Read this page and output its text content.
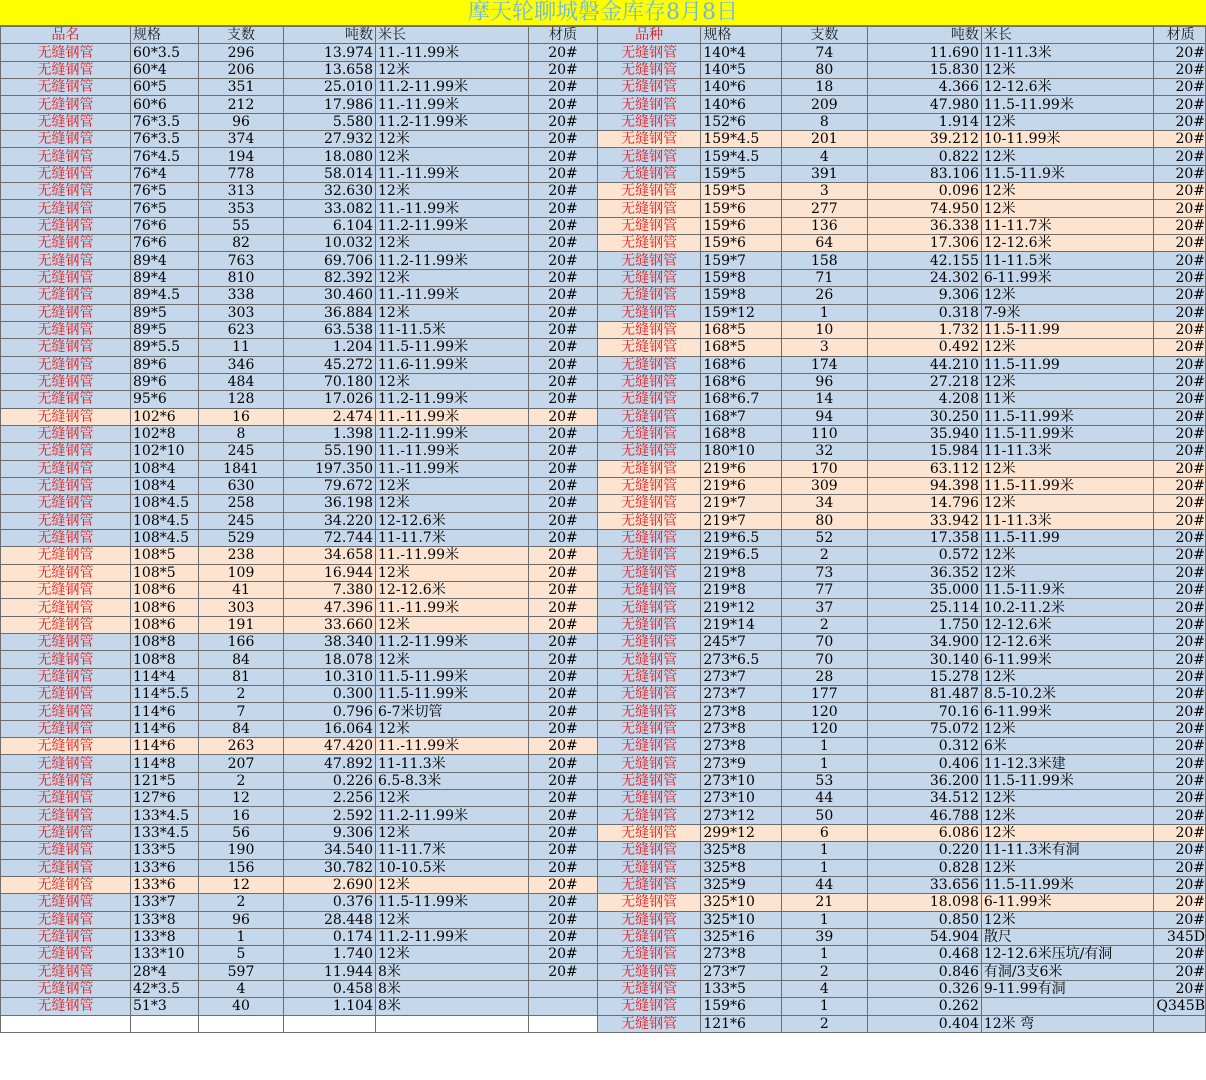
摩天轮聊城磐金库存8月8日
品名	规格	支数	吨数	米长	材质
无缝钢管	60*3.5	296	13.974	11.-11.99米	20#
无缝钢管	60*4	206	13.658	12米	20#
无缝钢管	60*5	351	25.010	11.2-11.99米	20#
无缝钢管	60*6	212	17.986	11.-11.99米	20#
无缝钢管	76*3.5	96	5.580	11.2-11.99米	20#
无缝钢管	76*3.5	374	27.932	12米	20#
无缝钢管	76*4.5	194	18.080	12米	20#
无缝钢管	76*4	778	58.014	11.-11.99米	20#
无缝钢管	76*5	313	32.630	12米	20#
无缝钢管	76*5	353	33.082	11.-11.99米	20#
无缝钢管	76*6	55	6.104	11.2-11.99米	20#
无缝钢管	76*6	82	10.032	12米	20#
无缝钢管	89*4	763	69.706	11.2-11.99米	20#
无缝钢管	89*4	810	82.392	12米	20#
无缝钢管	89*4.5	338	30.460	11.-11.99米	20#
无缝钢管	89*5	303	36.884	12米	20#
无缝钢管	89*5	623	63.538	11-11.5米	20#
无缝钢管	89*5.5	11	1.204	11.5-11.99米	20#
无缝钢管	89*6	346	45.272	11.6-11.99米	20#
无缝钢管	89*6	484	70.180	12米	20#
无缝钢管	95*6	128	17.026	11.2-11.99米	20#
无缝钢管	102*6	16	2.474	11.-11.99米	20#
无缝钢管	102*8	8	1.398	11.2-11.99米	20#
无缝钢管	102*10	245	55.190	11.-11.99米	20#
无缝钢管	108*4	1841	197.350	11.-11.99米	20#
无缝钢管	108*4	630	79.672	12米	20#
无缝钢管	108*4.5	258	36.198	12米	20#
无缝钢管	108*4.5	245	34.220	12-12.6米	20#
无缝钢管	108*4.5	529	72.744	11-11.7米	20#
无缝钢管	108*5	238	34.658	11.-11.99米	20#
无缝钢管	108*5	109	16.944	12米	20#
无缝钢管	108*6	41	7.380	12-12.6米	20#
无缝钢管	108*6	303	47.396	11.-11.99米	20#
无缝钢管	108*6	191	33.660	12米	20#
无缝钢管	108*8	166	38.340	11.2-11.99米	20#
无缝钢管	108*8	84	18.078	12米	20#
无缝钢管	114*4	81	10.310	11.5-11.99米	20#
无缝钢管	114*5.5	2	0.300	11.5-11.99米	20#
无缝钢管	114*6	7	0.796	6-7米切管	20#
无缝钢管	114*6	84	16.064	12米	20#
无缝钢管	114*6	263	47.420	11.-11.99米	20#
无缝钢管	114*8	207	47.892	11-11.3米	20#
无缝钢管	121*5	2	0.226	6.5-8.3米	20#
无缝钢管	127*6	12	2.256	12米	20#
无缝钢管	133*4.5	16	2.592	11.2-11.99米	20#
无缝钢管	133*4.5	56	9.306	12米	20#
无缝钢管	133*5	190	34.540	11-11.7米	20#
无缝钢管	133*6	156	30.782	10-10.5米	20#
无缝钢管	133*6	12	2.690	12米	20#
无缝钢管	133*7	2	0.376	11.5-11.99米	20#
无缝钢管	133*8	96	28.448	12米	20#
无缝钢管	133*8	1	0.174	11.2-11.99米	20#
无缝钢管	133*10	5	1.740	12米	20#
无缝钢管	28*4	597	11.944	8米	20#
无缝钢管	42*3.5	4	0.458	8米	
无缝钢管	51*3	40	1.104	8米	

品种	规格	支数	吨数	米长	材质
无缝钢管	140*4	74	11.690	11-11.3米	20#
无缝钢管	140*5	80	15.830	12米	20#
无缝钢管	140*6	18	4.366	12-12.6米	20#
无缝钢管	140*6	209	47.980	11.5-11.99米	20#
无缝钢管	152*6	8	1.914	12米	20#
无缝钢管	159*4.5	201	39.212	10-11.99米	20#
无缝钢管	159*4.5	4	0.822	12米	20#
无缝钢管	159*5	391	83.106	11.5-11.9米	20#
无缝钢管	159*5	3	0.096	12米	20#
无缝钢管	159*6	277	74.950	12米	20#
无缝钢管	159*6	136	36.338	11-11.7米	20#
无缝钢管	159*6	64	17.306	12-12.6米	20#
无缝钢管	159*7	158	42.155	11-11.5米	20#
无缝钢管	159*8	71	24.302	6-11.99米	20#
无缝钢管	159*8	26	9.306	12米	20#
无缝钢管	159*12	1	0.318	7-9米	20#
无缝钢管	168*5	10	1.732	11.5-11.99	20#
无缝钢管	168*5	3	0.492	12米	20#
无缝钢管	168*6	174	44.210	11.5-11.99	20#
无缝钢管	168*6	96	27.218	12米	20#
无缝钢管	168*6.7	14	4.208	11米	20#
无缝钢管	168*7	94	30.250	11.5-11.99米	20#
无缝钢管	168*8	110	35.940	11.5-11.99米	20#
无缝钢管	180*10	32	15.984	11-11.3米	20#
无缝钢管	219*6	170	63.112	12米	20#
无缝钢管	219*6	309	94.398	11.5-11.99米	20#
无缝钢管	219*7	34	14.796	12米	20#
无缝钢管	219*7	80	33.942	11-11.3米	20#
无缝钢管	219*6.5	52	17.358	11.5-11.99	20#
无缝钢管	219*6.5	2	0.572	12米	20#
无缝钢管	219*8	73	36.352	12米	20#
无缝钢管	219*8	77	35.000	11.5-11.9米	20#
无缝钢管	219*12	37	25.114	10.2-11.2米	20#
无缝钢管	219*14	2	1.750	12-12.6米	20#
无缝钢管	245*7	70	34.900	12-12.6米	20#
无缝钢管	273*6.5	70	30.140	6-11.99米	20#
无缝钢管	273*7	28	15.278	12米	20#
无缝钢管	273*7	177	81.487	8.5-10.2米	20#
无缝钢管	273*8	120	70.16	6-11.99米	20#
无缝钢管	273*8	120	75.072	12米	20#
无缝钢管	273*8	1	0.312	6米	20#
无缝钢管	273*9	1	0.406	11-12.3米建	20#
无缝钢管	273*10	53	36.200	11.5-11.99米	20#
无缝钢管	273*10	44	34.512	12米	20#
无缝钢管	273*12	50	46.788	12米	20#
无缝钢管	299*12	6	6.086	12米	20#
无缝钢管	325*8	1	0.220	11-11.3米有洞	20#
无缝钢管	325*8	1	0.828	12米	20#
无缝钢管	325*9	44	33.656	11.5-11.99米	20#
无缝钢管	325*10	21	18.098	6-11.99米	20#
无缝钢管	325*10	1	0.850	12米	20#
无缝钢管	325*16	39	54.904	散尺	345D
无缝钢管	273*8	1	0.468	12-12.6米压坑/有洞	20#
无缝钢管	273*7	2	0.846	有洞/3支6米	20#
无缝钢管	133*5	4	0.326	9-11.99有洞	20#
无缝钢管	159*6	1	0.262		Q345B
无缝钢管	121*6	2	0.404	12米 弯	
